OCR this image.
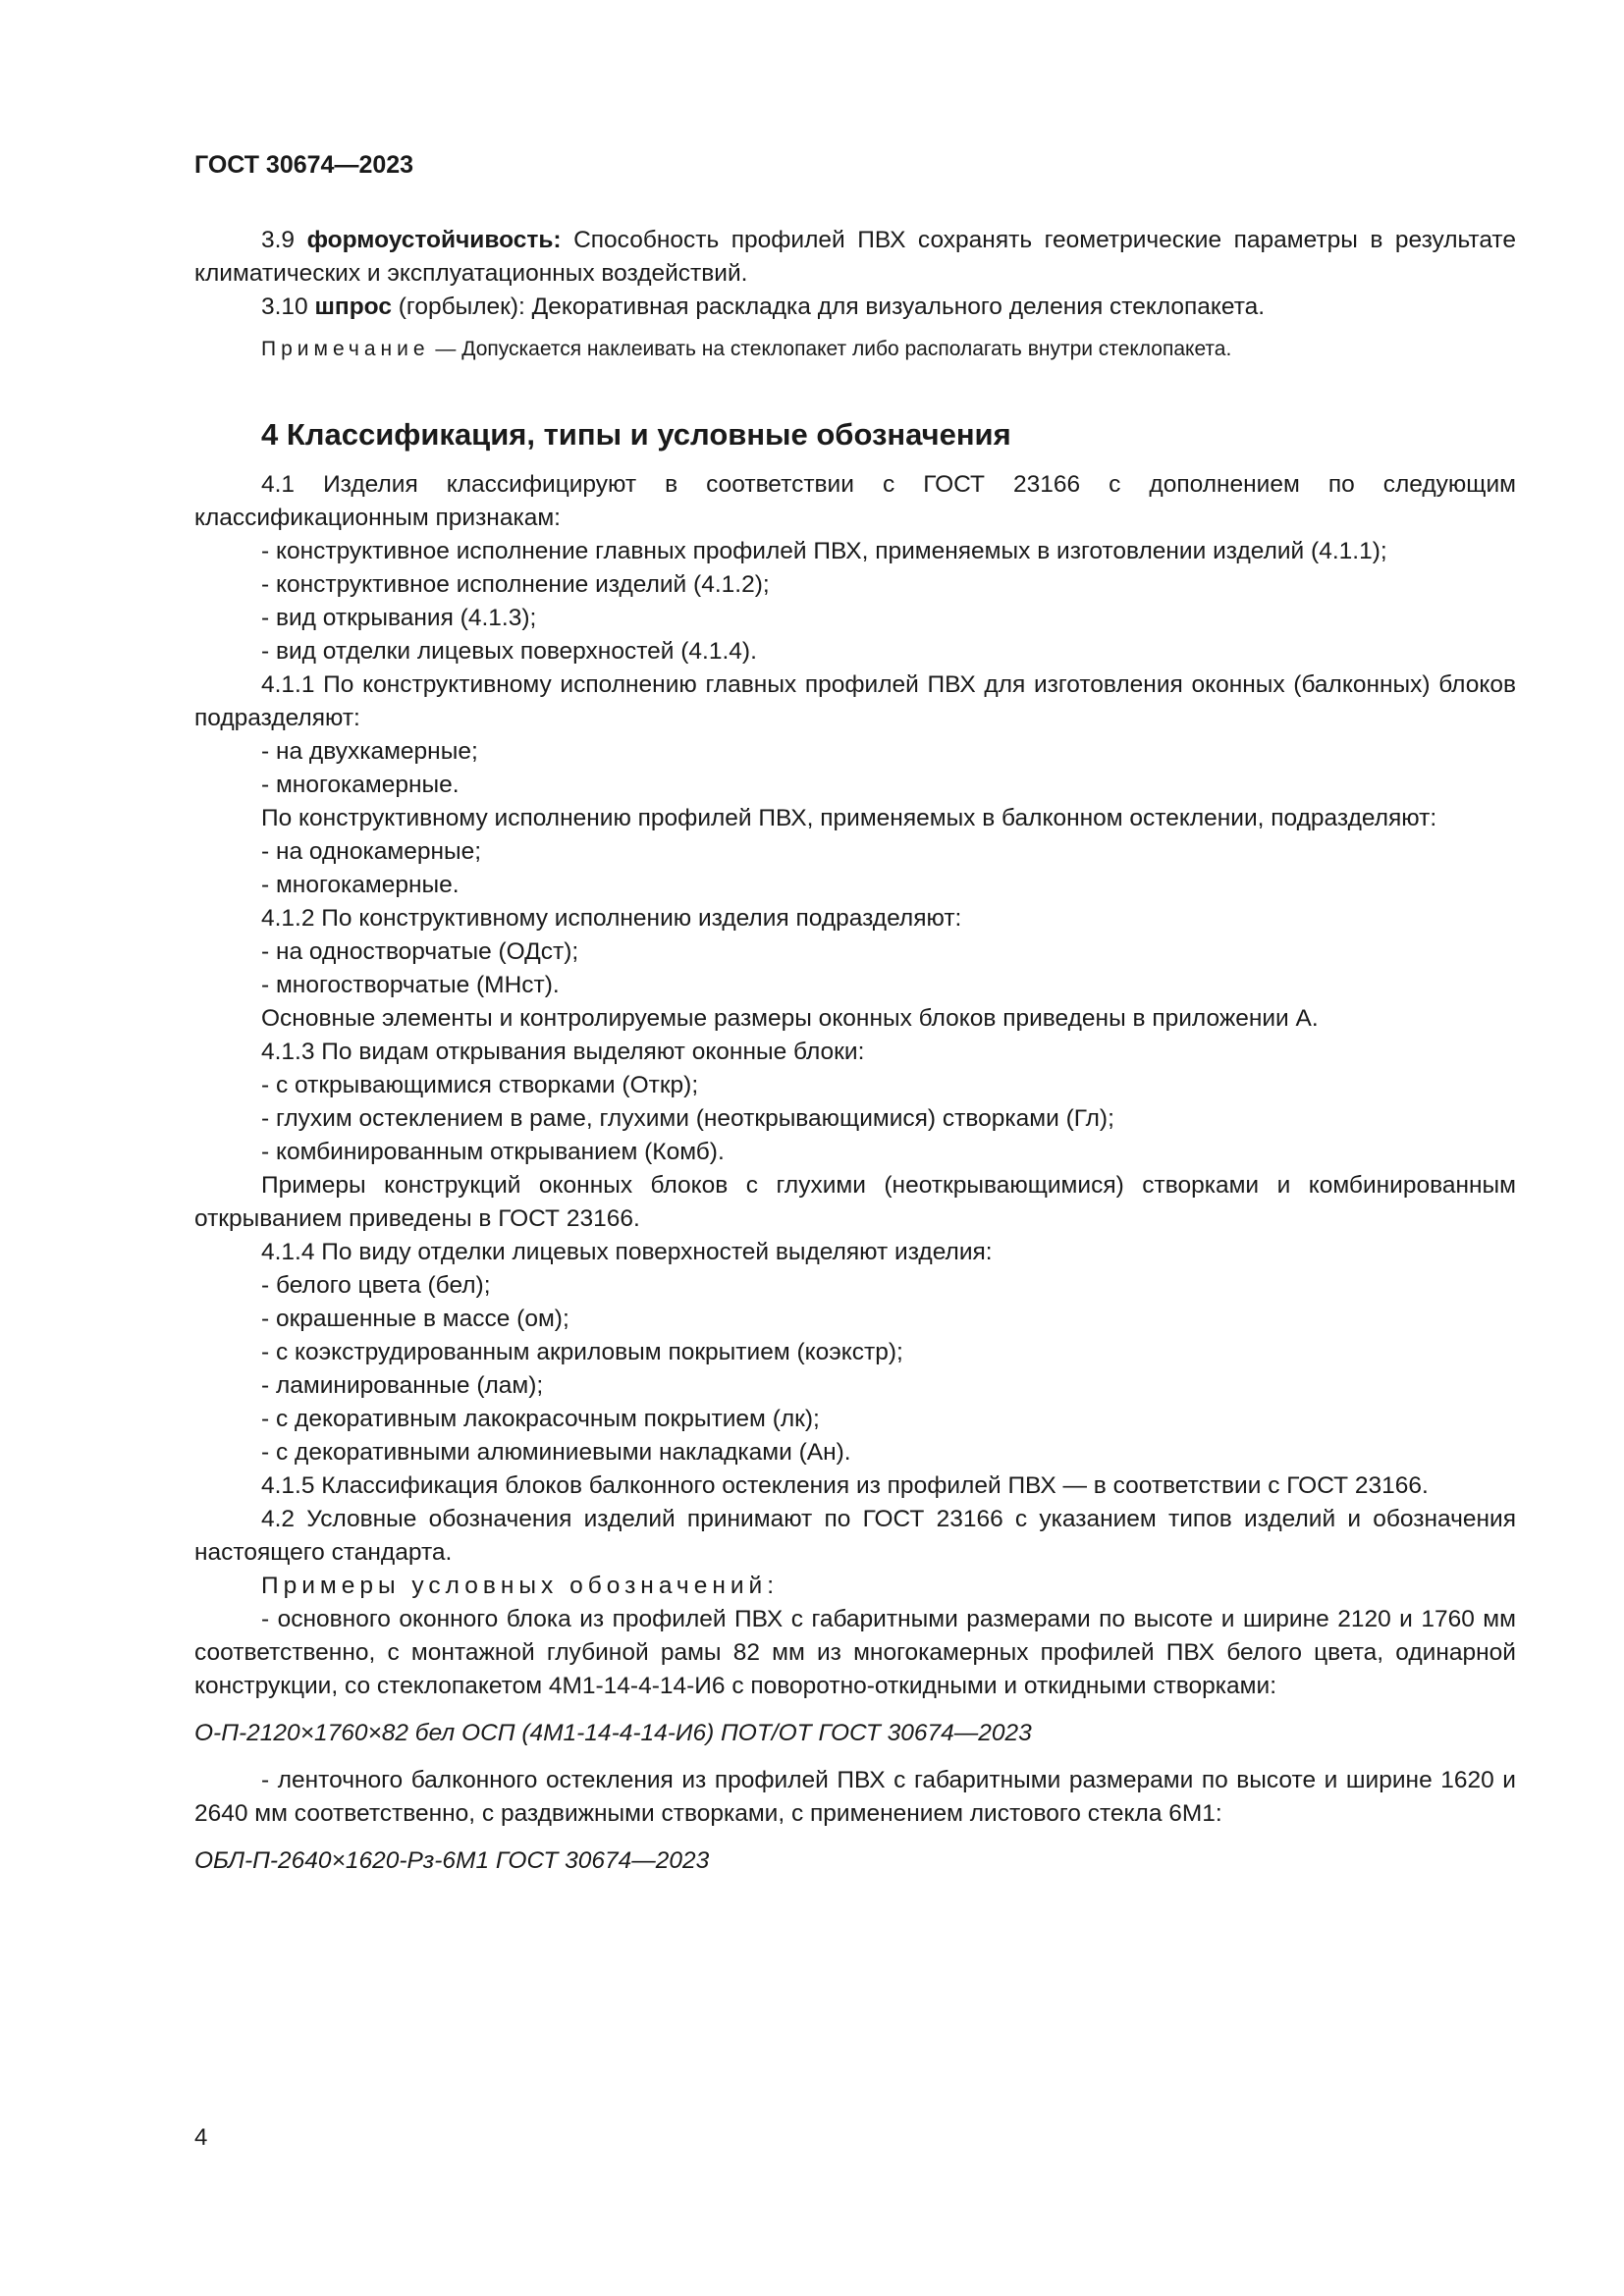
ГОСТ 30674—2023

3.9 формоустойчивость: Способность профилей ПВХ сохранять геометрические параметры в результате климатических и эксплуатационных воздействий.

3.10 шпрос (горбылек): Декоративная раскладка для визуального деления стеклопакета.

Примечание — Допускается наклеивать на стеклопакет либо располагать внутри стеклопакета.

4 Классификация, типы и условные обозначения

4.1 Изделия классифицируют в соответствии с ГОСТ 23166 с дополнением по следующим классификационным признакам:

- конструктивное исполнение главных профилей ПВХ, применяемых в изготовлении изделий (4.1.1);

- конструктивное исполнение изделий (4.1.2);

- вид открывания (4.1.3);

- вид отделки лицевых поверхностей (4.1.4).

4.1.1 По конструктивному исполнению главных профилей ПВХ для изготовления оконных (балконных) блоков подразделяют:

- на двухкамерные;

- многокамерные.

По конструктивному исполнению профилей ПВХ, применяемых в балконном остеклении, подразделяют:

- на однокамерные;

- многокамерные.

4.1.2 По конструктивному исполнению изделия подразделяют:

- на одностворчатые (ОДст);

- многостворчатые (МНст).

Основные элементы и контролируемые размеры оконных блоков приведены в приложении А.

4.1.3 По видам открывания выделяют оконные блоки:

- с открывающимися створками (Откр);

- глухим остеклением в раме, глухими (неоткрывающимися) створками (Гл);

- комбинированным открыванием (Комб).

Примеры конструкций оконных блоков с глухими (неоткрывающимися) створками и комбинированным открыванием приведены в ГОСТ 23166.

4.1.4 По виду отделки лицевых поверхностей выделяют изделия:

- белого цвета (бел);

- окрашенные в массе (ом);

- с коэкструдированным акриловым покрытием (коэкстр);

- ламинированные (лам);

- с декоративным лакокрасочным покрытием (лк);

- с декоративными алюминиевыми накладками (Ан).

4.1.5 Классификация блоков балконного остекления из профилей ПВХ — в соответствии с ГОСТ 23166.

4.2 Условные обозначения изделий принимают по ГОСТ 23166 с указанием типов изделий и обозначения настоящего стандарта.

Примеры условных обозначений:

- основного оконного блока из профилей ПВХ с габаритными размерами по высоте и ширине 2120 и 1760 мм соответственно, с монтажной глубиной рамы 82 мм из многокамерных профилей ПВХ белого цвета, одинарной конструкции, со стеклопакетом 4М1-14-4-14-И6 с поворотно-откидными и откидными створками:

О-П-2120×1760×82 бел ОСП (4М1-14-4-14-И6) ПОТ/ОТ ГОСТ 30674—2023

- ленточного балконного остекления из профилей ПВХ с габаритными размерами по высоте и ширине 1620 и 2640 мм соответственно, с раздвижными створками, с применением листового стекла 6М1:

ОБЛ-П-2640×1620-Рз-6М1 ГОСТ 30674—2023

4
